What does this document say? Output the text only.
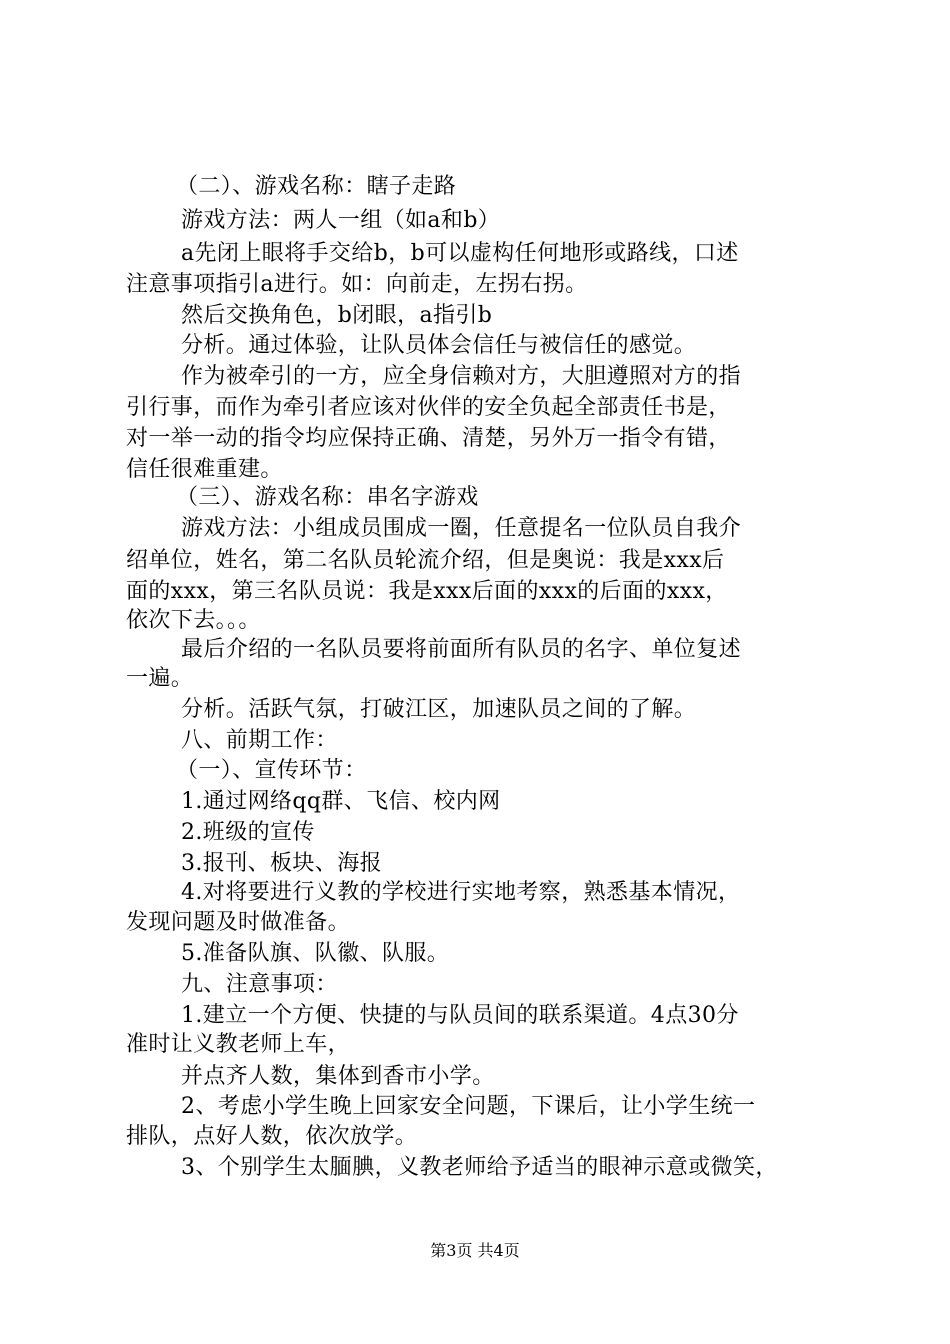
（二）、游戏名称：瞎子走路
游戏方法：两人一组（如a和b）
a先闭上眼将手交给b，b可以虚构任何地形或路线，口述
注意事项指引a进行。如：向前走，左拐右拐。
然后交换角色，b闭眼，a指引b
分析。通过体验，让队员体会信任与被信任的感觉。
作为被牵引的一方，应全身信赖对方，大胆遵照对方的指
引行事，而作为牵引者应该对伙伴的安全负起全部责任书是，
对一举一动的指令均应保持正确、清楚，另外万一指令有错，
信任很难重建。
（三）、游戏名称：串名字游戏
游戏方法：小组成员围成一圈，任意提名一位队员自我介
绍单位，姓名，第二名队员轮流介绍，但是奥说：我是xxx后
面的xxx，第三名队员说：我是xxx后面的xxx的后面的xxx，
依次下去。。。
最后介绍的一名队员要将前面所有队员的名字、单位复述
一遍。
分析。活跃气氛，打破江区，加速队员之间的了解。
八、前期工作：
（一）、宣传环节：
1.通过网络qq群、飞信、校内网
2.班级的宣传
3.报刊、板块、海报
4.对将要进行义教的学校进行实地考察，熟悉基本情况，
发现问题及时做准备。
5.准备队旗、队徽、队服。
九、注意事项：
1.建立一个方便、快捷的与队员间的联系渠道。4点30分
准时让义教老师上车，
并点齐人数，集体到香市小学。
2、考虑小学生晚上回家安全问题，下课后，让小学生统一
排队，点好人数，依次放学。
3、个别学生太腼腆，义教老师给予适当的眼神示意或微笑，
第3页 共4页
